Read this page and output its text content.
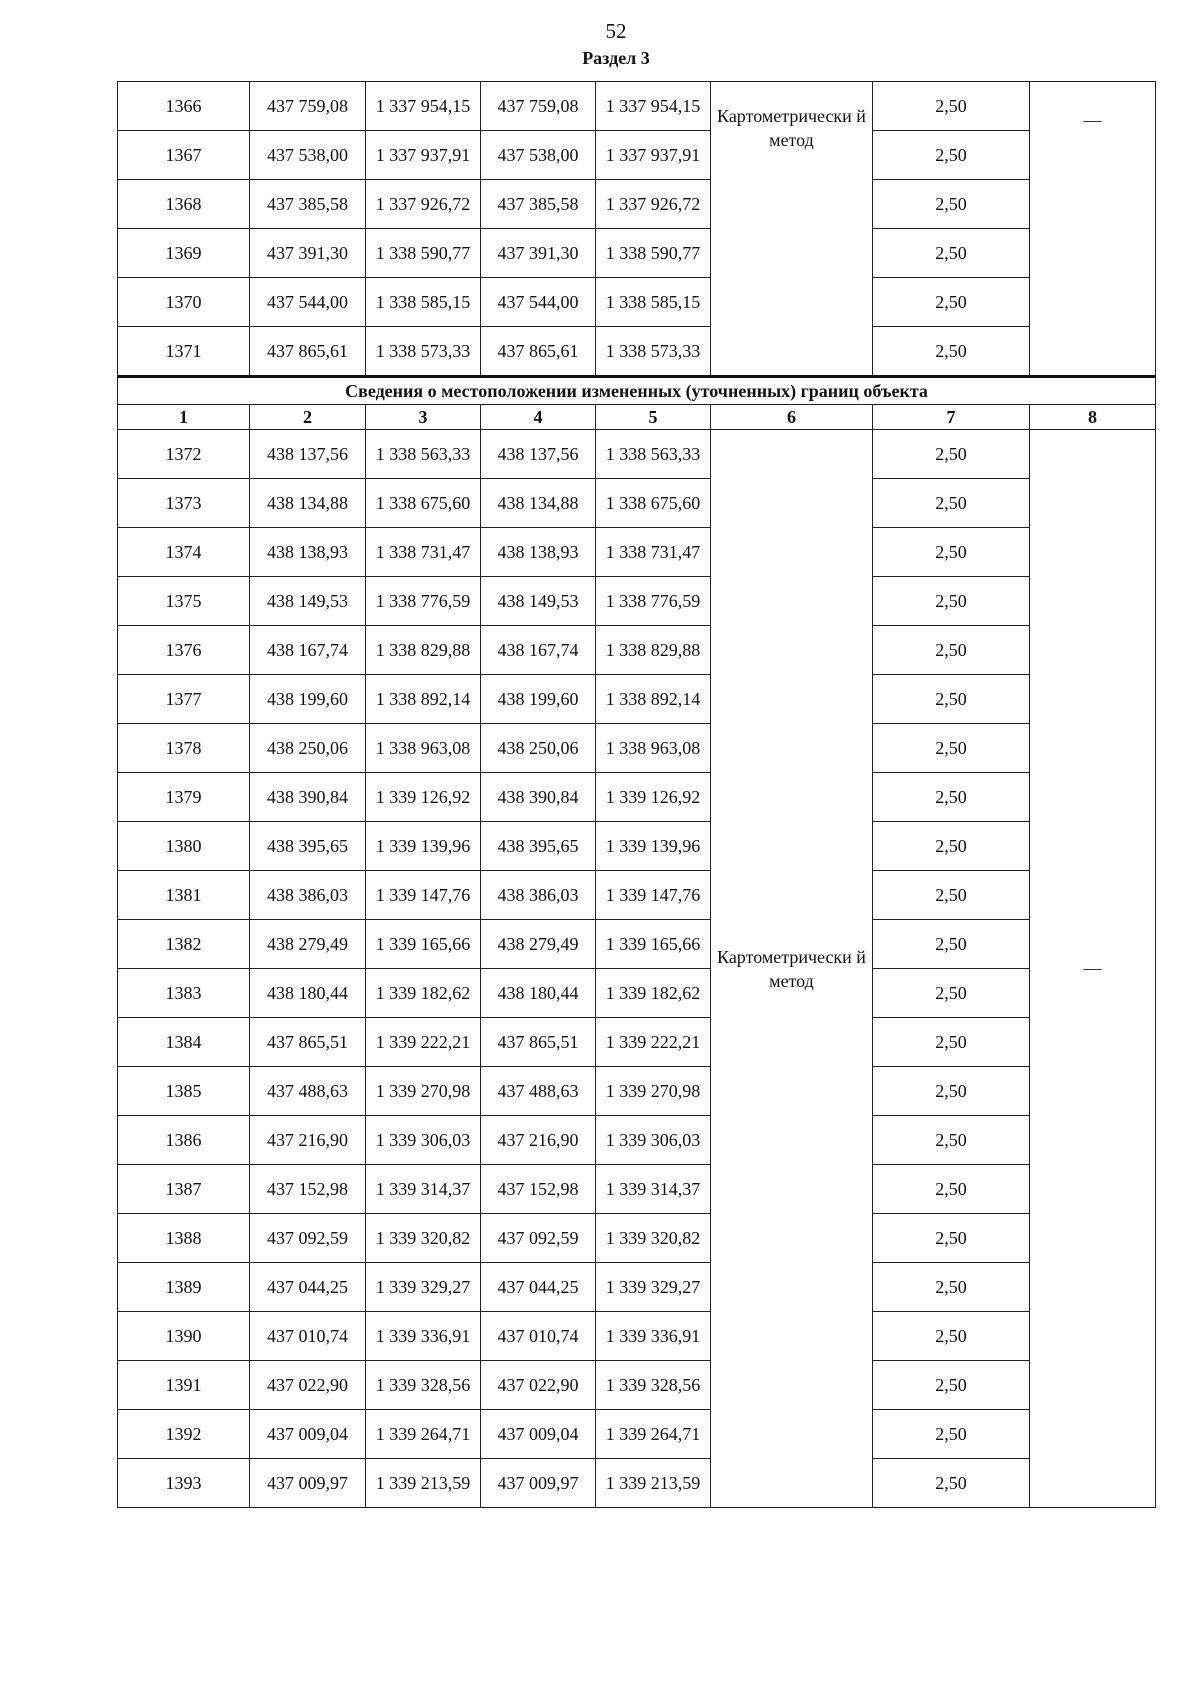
52
Раздел 3
1366	437 759,08	1 337 954,15	437 759,08	1 337 954,15	Картометрически й метод	2,50	—
1367	437 538,00	1 337 937,91	437 538,00	1 337 937,91		2,50	
1368	437 385,58	1 337 926,72	437 385,58	1 337 926,72		2,50	
1369	437 391,30	1 338 590,77	437 391,30	1 338 590,77		2,50	
1370	437 544,00	1 338 585,15	437 544,00	1 338 585,15		2,50	
1371	437 865,61	1 338 573,33	437 865,61	1 338 573,33		2,50	
Сведения о местоположении измененных (уточненных) границ объекта							
1	2	3	4	5	6	7	8
1372	438 137,56	1 338 563,33	438 137,56	1 338 563,33	Картометрически й метод	2,50	—
1373	438 134,88	1 338 675,60	438 134,88	1 338 675,60		2,50	
1374	438 138,93	1 338 731,47	438 138,93	1 338 731,47		2,50	
1375	438 149,53	1 338 776,59	438 149,53	1 338 776,59		2,50	
1376	438 167,74	1 338 829,88	438 167,74	1 338 829,88		2,50	
1377	438 199,60	1 338 892,14	438 199,60	1 338 892,14		2,50	
1378	438 250,06	1 338 963,08	438 250,06	1 338 963,08		2,50	
1379	438 390,84	1 339 126,92	438 390,84	1 339 126,92		2,50	
1380	438 395,65	1 339 139,96	438 395,65	1 339 139,96		2,50	
1381	438 386,03	1 339 147,76	438 386,03	1 339 147,76		2,50	
1382	438 279,49	1 339 165,66	438 279,49	1 339 165,66		2,50	
1383	438 180,44	1 339 182,62	438 180,44	1 339 182,62		2,50	
1384	437 865,51	1 339 222,21	437 865,51	1 339 222,21		2,50	
1385	437 488,63	1 339 270,98	437 488,63	1 339 270,98		2,50	
1386	437 216,90	1 339 306,03	437 216,90	1 339 306,03		2,50	
1387	437 152,98	1 339 314,37	437 152,98	1 339 314,37		2,50	
1388	437 092,59	1 339 320,82	437 092,59	1 339 320,82		2,50	
1389	437 044,25	1 339 329,27	437 044,25	1 339 329,27		2,50	
1390	437 010,74	1 339 336,91	437 010,74	1 339 336,91		2,50	
1391	437 022,90	1 339 328,56	437 022,90	1 339 328,56		2,50	
1392	437 009,04	1 339 264,71	437 009,04	1 339 264,71		2,50	
1393	437 009,97	1 339 213,59	437 009,97	1 339 213,59		2,50	
